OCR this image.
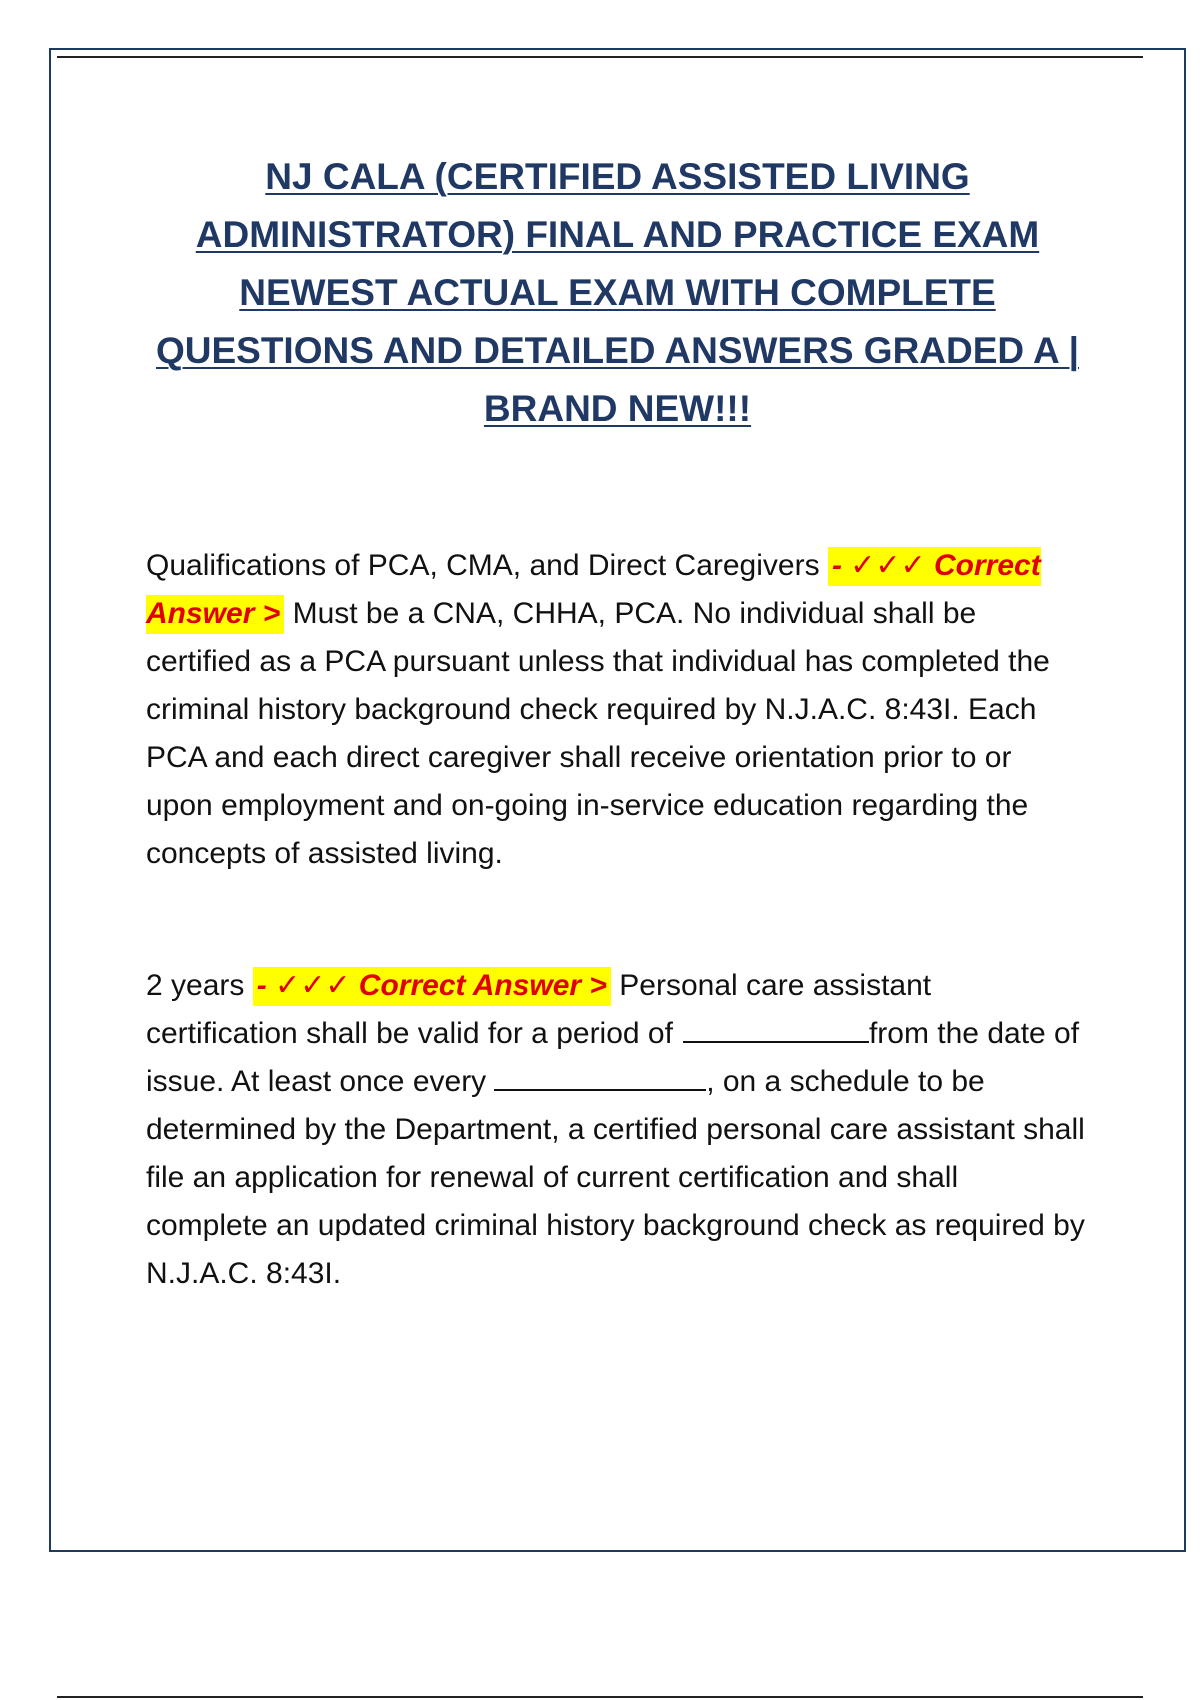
NJ CALA (CERTIFIED ASSISTED LIVING ADMINISTRATOR) FINAL AND PRACTICE EXAM NEWEST ACTUAL EXAM WITH COMPLETE QUESTIONS AND DETAILED ANSWERS GRADED A | BRAND NEW!!!
Qualifications of PCA, CMA, and Direct Caregivers - ✓✓✓ Correct Answer > Must be a CNA, CHHA, PCA. No individual shall be certified as a PCA pursuant unless that individual has completed the criminal history background check required by N.J.A.C. 8:43I. Each PCA and each direct caregiver shall receive orientation prior to or upon employment and on-going in-service education regarding the concepts of assisted living.
2 years - ✓✓✓ Correct Answer > Personal care assistant certification shall be valid for a period of	from the date of issue. At least once every	, on a schedule to be determined by the Department, a certified personal care assistant shall file an application for renewal of current certification and shall complete an updated criminal history background check as required by N.J.A.C. 8:43I.
